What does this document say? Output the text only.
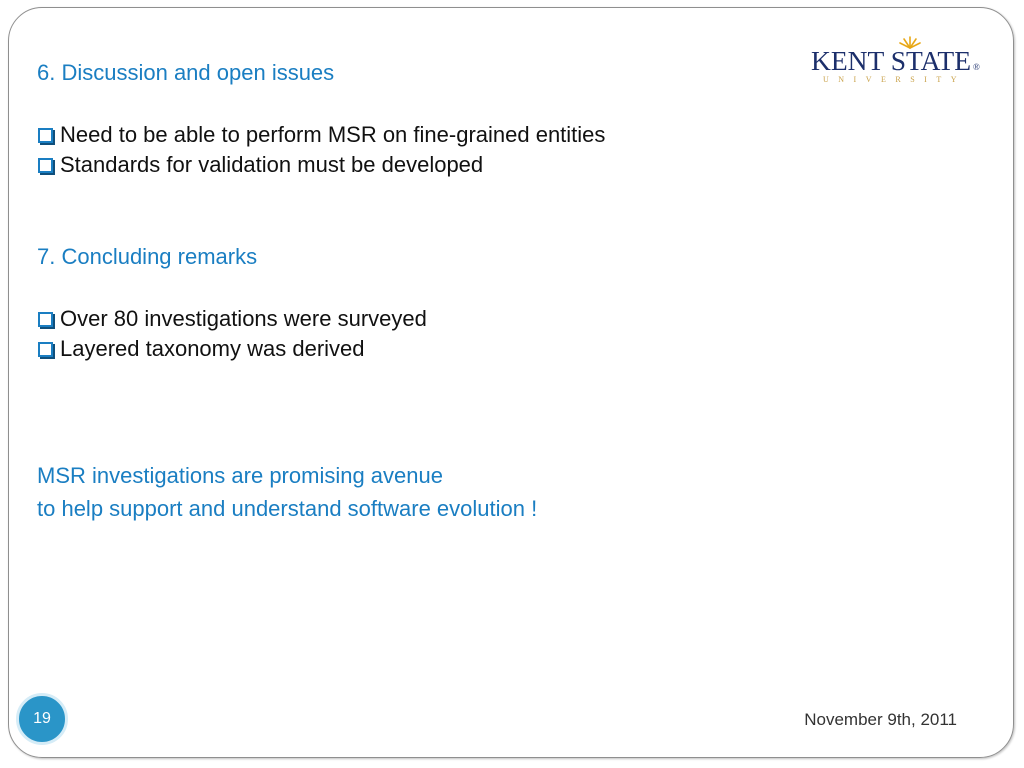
KENT STATE ®
UNIVERSITY
6. Discussion and open issues
Need to be able to perform MSR on fine-grained entities
Standards for validation must be developed
7. Concluding remarks
Over 80 investigations were surveyed
Layered taxonomy was derived
MSR investigations are promising avenue
to help support and understand software evolution !
19	November 9th, 2011
